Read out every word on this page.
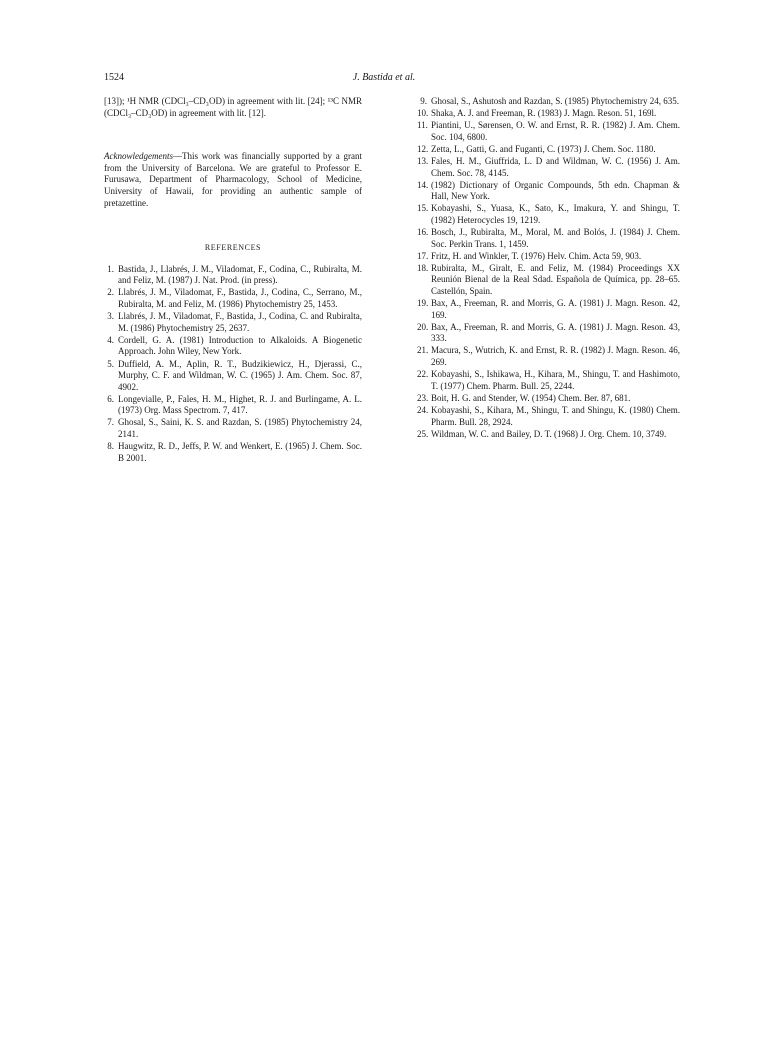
1524	J. Bastida et al.

[13]); ¹H NMR (CDCl₃–CD₃OD) in agreement with lit. [24]; ¹³C NMR (CDCl₃–CD₃OD) in agreement with lit. [12].

Acknowledgements—This work was financially supported by a grant from the University of Barcelona. We are grateful to Professor E. Furusawa, Department of Pharmacology, School of Medicine, University of Hawaii, for providing an authentic sample of pretazettine.

REFERENCES
1. Bastida, J., Llabrés, J. M., Viladomat, F., Codina, C., Rubiralta, M. and Feliz, M. (1987) J. Nat. Prod. (in press).
2. Llabrés, J. M., Viladomat, F., Bastida, J., Codina, C., Serrano, M., Rubiralta, M. and Feliz, M. (1986) Phytochemistry 25, 1453.
3. Llabrés, J. M., Viladomat, F., Bastida, J., Codina, C. and Rubiralta, M. (1986) Phytochemistry 25, 2637.
4. Cordell, G. A. (1981) Introduction to Alkaloids. A Biogenetic Approach. John Wiley, New York.
5. Duffield, A. M., Aplin, R. T., Budzikiewicz, H., Djerassi, C., Murphy, C. F. and Wildman, W. C. (1965) J. Am. Chem. Soc. 87, 4902.
6. Longevialle, P., Fales, H. M., Highet, R. J. and Burlingame, A. L. (1973) Org. Mass Spectrom. 7, 417.
7. Ghosal, S., Saini, K. S. and Razdan, S. (1985) Phytochemistry 24, 2141.
8. Haugwitz, R. D., Jeffs, P. W. and Wenkert, E. (1965) J. Chem. Soc. B 2001.
9. Ghosal, S., Ashutosh and Razdan, S. (1985) Phytochemistry 24, 635.
10. Shaka, A. J. and Freeman, R. (1983) J. Magn. Reson. 51, 169l.
11. Piantini, U., Sørensen, O. W. and Ernst, R. R. (1982) J. Am. Chem. Soc. 104, 6800.
12. Zetta, L., Gatti, G. and Fuganti, C. (1973) J. Chem. Soc. 1180.
13. Fales, H. M., Giuffrida, L. D and Wildman, W. C. (1956) J. Am. Chem. Soc. 78, 4145.
14. (1982) Dictionary of Organic Compounds, 5th edn. Chapman & Hall, New York.
15. Kobayashi, S., Yuasa, K., Sato, K., Imakura, Y. and Shingu, T. (1982) Heterocycles 19, 1219.
16. Bosch, J., Rubiralta, M., Moral, M. and Bolós, J. (1984) J. Chem. Soc. Perkin Trans. 1, 1459.
17. Fritz, H. and Winkler, T. (1976) Helv. Chim. Acta 59, 903.
18. Rubiralta, M., Giralt, E. and Feliz, M. (1984) Proceedings XX Reunión Bienal de la Real Sdad. Española de Química, pp. 28–65. Castellón, Spain.
19. Bax, A., Freeman, R. and Morris, G. A. (1981) J. Magn. Reson. 42, 169.
20. Bax, A., Freeman, R. and Morris, G. A. (1981) J. Magn. Reson. 43, 333.
21. Macura, S., Wutrich, K. and Ernst, R. R. (1982) J. Magn. Reson. 46, 269.
22. Kobayashi, S., Ishikawa, H., Kihara, M., Shingu, T. and Hashimoto, T. (1977) Chem. Pharm. Bull. 25, 2244.
23. Boit, H. G. and Stender, W. (1954) Chem. Ber. 87, 681.
24. Kobayashi, S., Kihara, M., Shingu, T. and Shingu, K. (1980) Chem. Pharm. Bull. 28, 2924.
25. Wildman, W. C. and Bailey, D. T. (1968) J. Org. Chem. 10, 3749.
